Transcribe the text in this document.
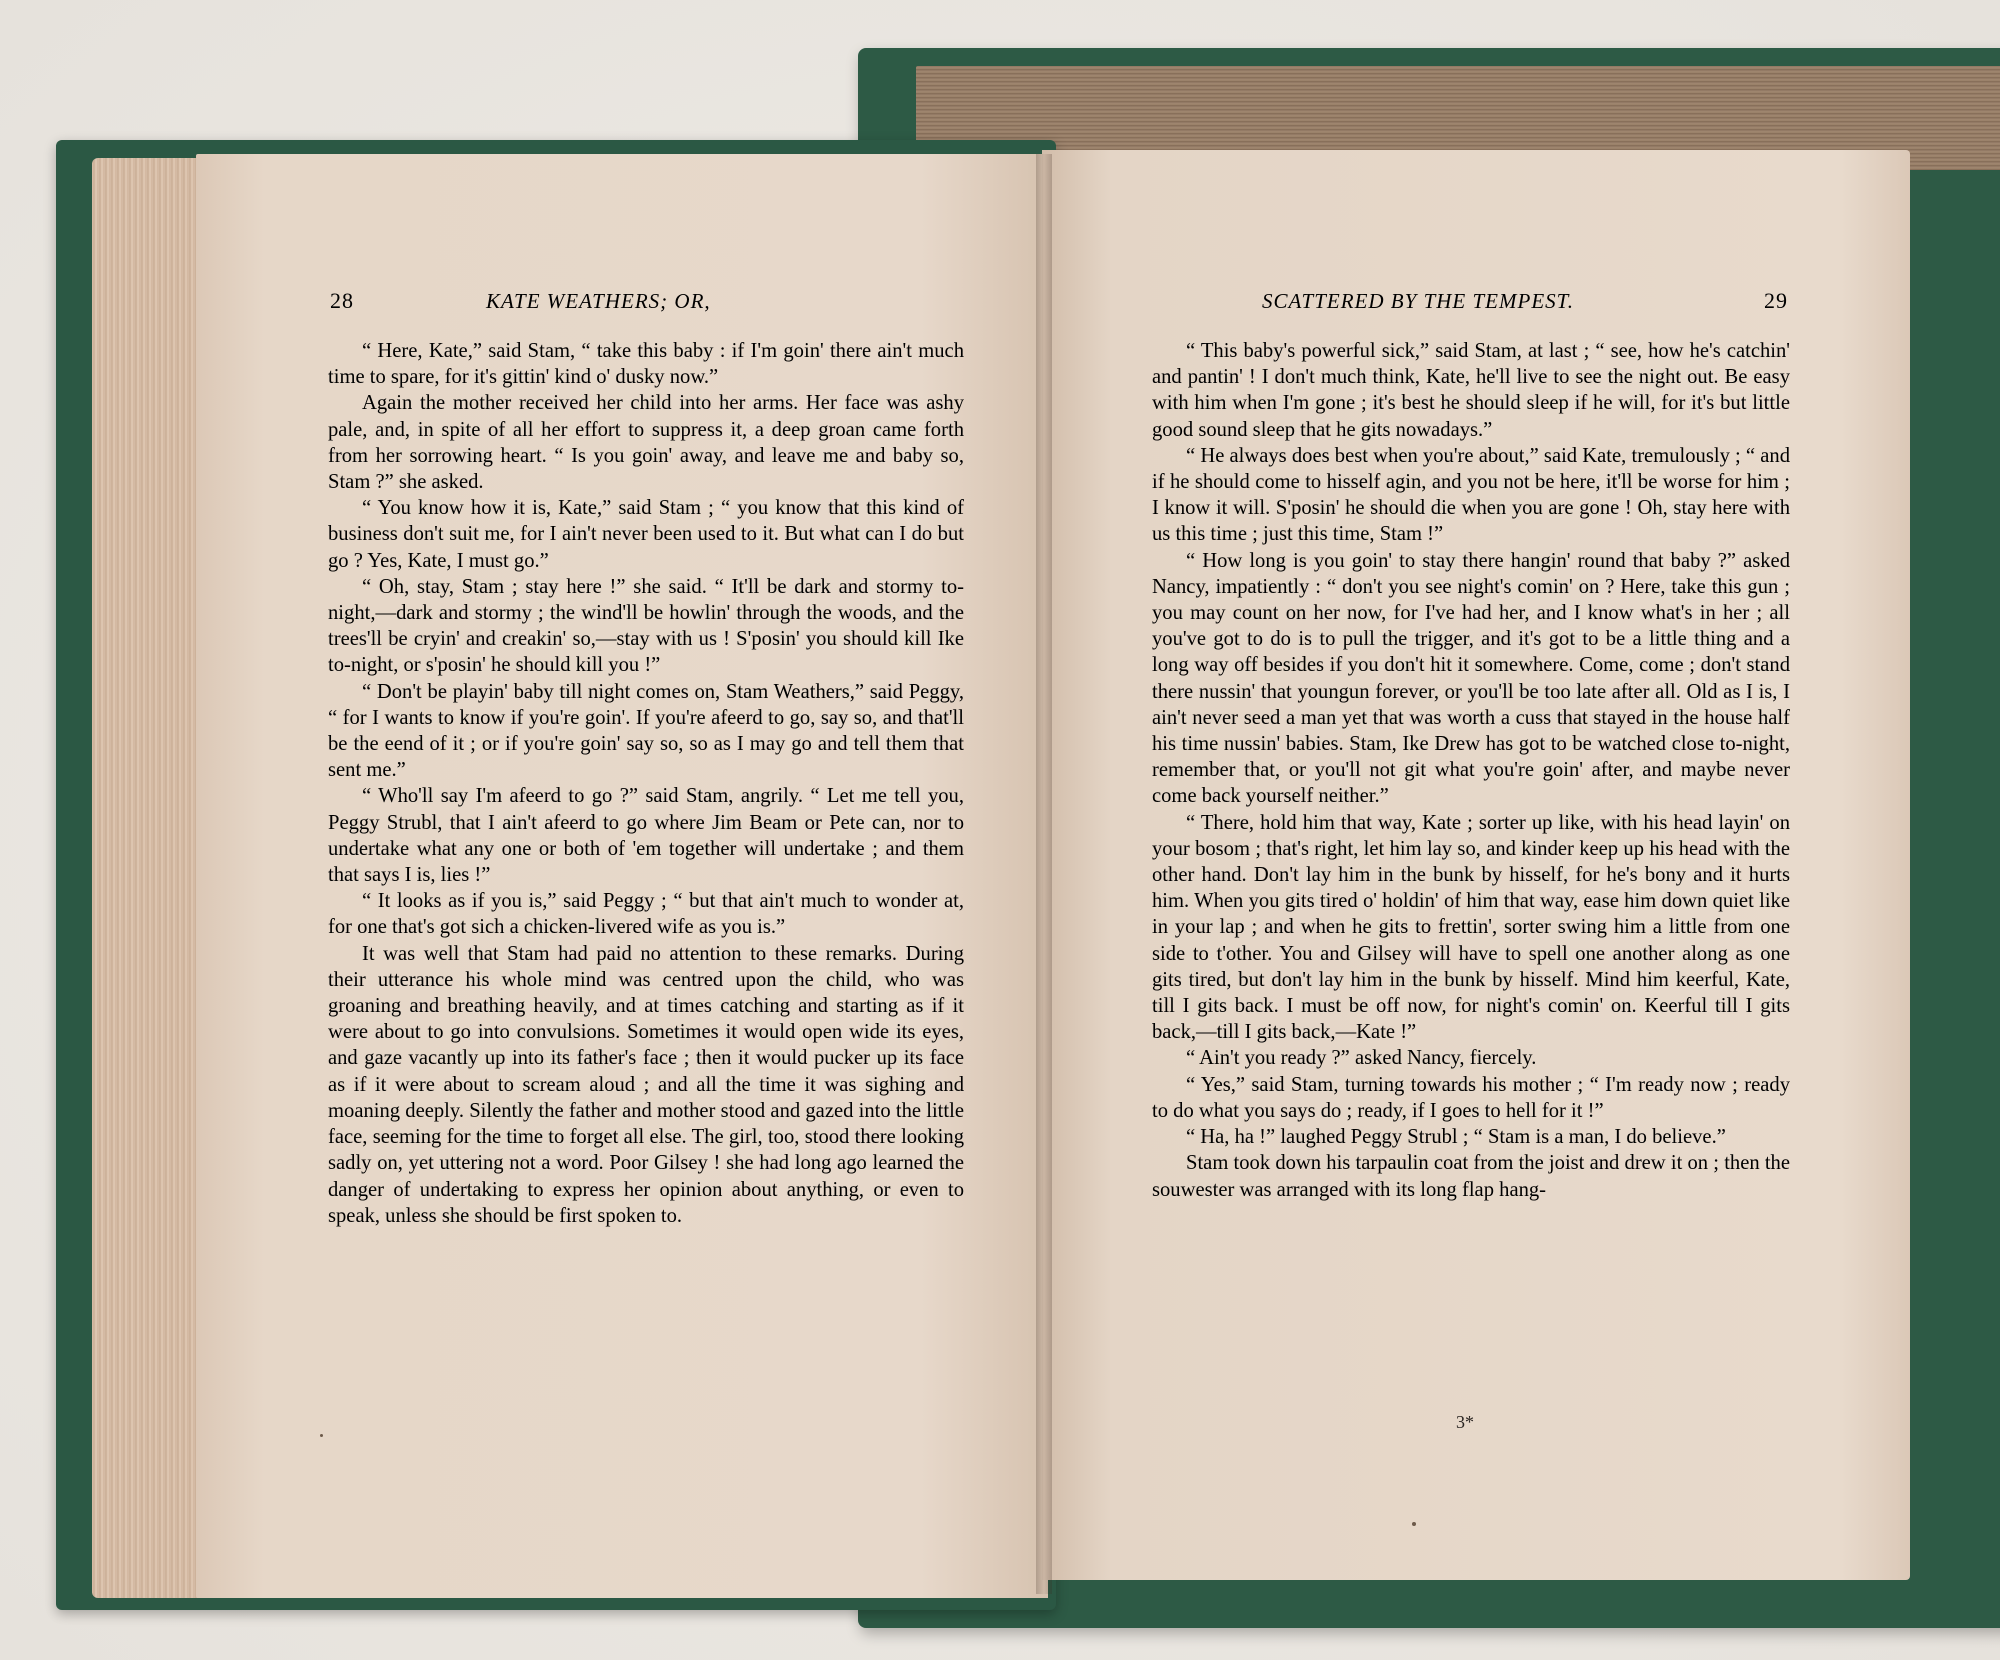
28	KATE WEATHERS; OR,	SCATTERED BY THE TEMPEST.	29

“ Here, Kate,” said Stam, “ take this baby : if I'm goin' there ain't much time to spare, for it's gittin' kind o' dusky now.”

Again the mother received her child into her arms. Her face was ashy pale, and, in spite of all her effort to suppress it, a deep groan came forth from her sorrowing heart. “ Is you goin' away, and leave me and baby so, Stam ?” she asked.

“ You know how it is, Kate,” said Stam ; “ you know that this kind of business don't suit me, for I ain't never been used to it. But what can I do but go ? Yes, Kate, I must go.”

“ Oh, stay, Stam ; stay here !” she said. “ It'll be dark and stormy to-night,—dark and stormy ; the wind'll be howlin' through the woods, and the trees'll be cryin' and creakin' so,—stay with us ! S'posin' you should kill Ike to-night, or s'posin' he should kill you !”

“ Don't be playin' baby till night comes on, Stam Weathers,” said Peggy, “ for I wants to know if you're goin'. If you're afeerd to go, say so, and that'll be the eend of it ; or if you're goin' say so, so as I may go and tell them that sent me.”

“ Who'll say I'm afeerd to go ?” said Stam, angrily. “ Let me tell you, Peggy Strubl, that I ain't afeerd to go where Jim Beam or Pete can, nor to undertake what any one or both of 'em together will undertake ; and them that says I is, lies !”

“ It looks as if you is,” said Peggy ; “ but that ain't much to wonder at, for one that's got sich a chicken-livered wife as you is.”

It was well that Stam had paid no attention to these remarks. During their utterance his whole mind was centred upon the child, who was groaning and breathing heavily, and at times catching and starting as if it were about to go into convulsions. Sometimes it would open wide its eyes, and gaze vacantly up into its father's face ; then it would pucker up its face as if it were about to scream aloud ; and all the time it was sighing and moaning deeply. Silently the father and mother stood and gazed into the little face, seeming for the time to forget all else. The girl, too, stood there looking sadly on, yet uttering not a word. Poor Gilsey ! she had long ago learned the danger of undertaking to express her opinion about anything, or even to speak, unless she should be first spoken to.

“ This baby's powerful sick,” said Stam, at last ; “ see, how he's catchin' and pantin' ! I don't much think, Kate, he'll live to see the night out. Be easy with him when I'm gone ; it's best he should sleep if he will, for it's but little good sound sleep that he gits nowadays.”

“ He always does best when you're about,” said Kate, tremulously ; “ and if he should come to hisself agin, and you not be here, it'll be worse for him ; I know it will. S'posin' he should die when you are gone ! Oh, stay here with us this time ; just this time, Stam !”

“ How long is you goin' to stay there hangin' round that baby ?” asked Nancy, impatiently : “ don't you see night's comin' on ? Here, take this gun ; you may count on her now, for I've had her, and I know what's in her ; all you've got to do is to pull the trigger, and it's got to be a little thing and a long way off besides if you don't hit it somewhere. Come, come ; don't stand there nussin' that youngun forever, or you'll be too late after all. Old as I is, I ain't never seed a man yet that was worth a cuss that stayed in the house half his time nussin' babies. Stam, Ike Drew has got to be watched close to-night, remember that, or you'll not git what you're goin' after, and maybe never come back yourself neither.”

“ There, hold him that way, Kate ; sorter up like, with his head layin' on your bosom ; that's right, let him lay so, and kinder keep up his head with the other hand. Don't lay him in the bunk by hisself, for he's bony and it hurts him. When you gits tired o' holdin' of him that way, ease him down quiet like in your lap ; and when he gits to frettin', sorter swing him a little from one side to t'other. You and Gilsey will have to spell one another along as one gits tired, but don't lay him in the bunk by hisself. Mind him keerful, Kate, till I gits back. I must be off now, for night's comin' on. Keerful till I gits back,—till I gits back,—Kate !”

“ Ain't you ready ?” asked Nancy, fiercely.

“ Yes,” said Stam, turning towards his mother ; “ I'm ready now ; ready to do what you says do ; ready, if I goes to hell for it !”

“ Ha, ha !” laughed Peggy Strubl ; “ Stam is a man, I do believe.”

Stam took down his tarpaulin coat from the joist and drew it on ; then the souwester was arranged with its long flap hang-

3*
